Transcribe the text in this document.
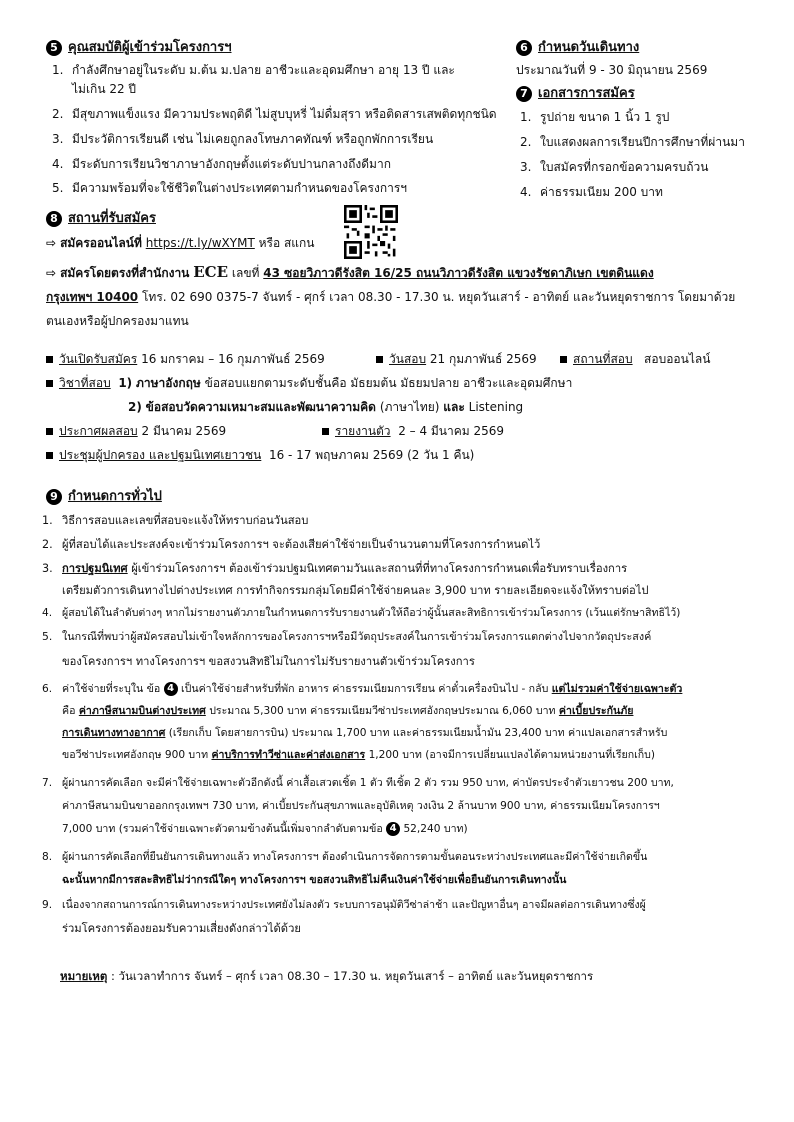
5 คุณสมบัติผู้เข้าร่วมโครงการฯ
1. กำลังศึกษาอยู่ในระดับ ม.ต้น ม.ปลาย อาชีวะและอุดมศึกษา อายุ 13 ปี และ
ไม่เกิน 22 ปี
2. มีสุขภาพแข็งแรง มีความประพฤติดี ไม่สูบบุหรี่ ไม่ดื่มสุรา หรือติดสารเสพติดทุกชนิด
3. มีประวัติการเรียนดี เช่น ไม่เคยถูกลงโทษภาคทัณฑ์ หรือถูกพักการเรียน
4. มีระดับการเรียนวิชาภาษาอังกฤษตั้งแต่ระดับปานกลางถึงดีมาก
5. มีความพร้อมที่จะใช้ชีวิตในต่างประเทศตามกำหนดของโครงการฯ
6 กำหนดวันเดินทาง
ประมาณวันที่ 9 - 30 มิถุนายน 2569
7 เอกสารการสมัคร
1. รูปถ่าย ขนาด 1 นิ้ว 1 รูป
2. ใบแสดงผลการเรียนปีการศึกษาที่ผ่านมา
3. ใบสมัครที่กรอกข้อความครบถ้วน
4. ค่าธรรมเนียม 200 บาท
8 สถานที่รับสมัคร
⇨ สมัครออนไลน์ที่ https://t.ly/wXYMT หรือ สแกน
⇨ สมัครโดยตรงที่สำนักงาน ECE เลขที่ 43 ซอยวิภาวดีรังสิต 16/25 ถนนวิภาวดีรังสิต แขวงรัชดาภิเษก เขตดินแดง
กรุงเทพฯ 10400 โทร. 02 690 0375-7 จันทร์ - ศุกร์ เวลา 08.30 - 17.30 น. หยุดวันเสาร์ - อาทิตย์ และวันหยุดราชการ โดยมาด้วย
ตนเองหรือผู้ปกครองมาแทน
วันเปิดรับสมัคร 16 มกราคม – 16 กุมภาพันธ์ 2569	วันสอบ 21 กุมภาพันธ์ 2569	สถานที่สอบ สอบออนไลน์
วิชาที่สอบ 1) ภาษาอังกฤษ ข้อสอบแยกตามระดับชั้นคือ มัธยมต้น มัธยมปลาย อาชีวะและอุดมศึกษา
2) ข้อสอบวัดความเหมาะสมและพัฒนาความคิด (ภาษาไทย) และ Listening
ประกาศผลสอบ 2 มีนาคม 2569	รายงานตัว 2 – 4 มีนาคม 2569
ประชุมผู้ปกครอง และปฐมนิเทศเยาวชน 16 - 17 พฤษภาคม 2569 (2 วัน 1 คืน)
9 กำหนดการทั่วไป
1. วิธีการสอบและเลขที่สอบจะแจ้งให้ทราบก่อนวันสอบ
2. ผู้ที่สอบได้และประสงค์จะเข้าร่วมโครงการฯ จะต้องเสียค่าใช้จ่ายเป็นจำนวนตามที่โครงการกำหนดไว้
3. การปฐมนิเทศ ผู้เข้าร่วมโครงการฯ ต้องเข้าร่วมปฐมนิเทศตามวันและสถานที่ที่ทางโครงการกำหนดเพื่อรับทราบเรื่องการ
เตรียมตัวการเดินทางไปต่างประเทศ การทำกิจกรรมกลุ่มโดยมีค่าใช้จ่ายคนละ 3,900 บาท รายละเอียดจะแจ้งให้ทราบต่อไป
4. ผู้สอบได้ในลำดับต่างๆ หากไม่รายงานตัวภายในกำหนดการรับรายงานตัวให้ถือว่าผู้นั้นสละสิทธิการเข้าร่วมโครงการ (เว้นแต่รักษาสิทธิไว้)
5. ในกรณีที่พบว่าผู้สมัครสอบไม่เข้าใจหลักการของโครงการฯหรือมีวัตถุประสงค์ในการเข้าร่วมโครงการแตกต่างไปจากวัตถุประสงค์
ของโครงการฯ ทางโครงการฯ ขอสงวนสิทธิไม่ในการไม่รับรายงานตัวเข้าร่วมโครงการ
6. ค่าใช้จ่ายที่ระบุใน ข้อ 4 เป็นค่าใช้จ่ายสำหรับที่พัก อาหาร ค่าธรรมเนียมการเรียน ค่าตั๋วเครื่องบินไป - กลับ แต่ไม่รวมค่าใช้จ่ายเฉพาะตัว
คือ ค่าภาษีสนามบินต่างประเทศ ประมาณ 5,300 บาท ค่าธรรมเนียมวีซ่าประเทศอังกฤษประมาณ 6,060 บาท ค่าเบี้ยประกันภัย
การเดินทางทางอากาศ (เรียกเก็บ โดยสายการบิน) ประมาณ 1,700 บาท และค่าธรรมเนียมน้ำมัน 23,400 บาท ค่าแปลเอกสารสำหรับ
ขอวีซ่าประเทศอังกฤษ 900 บาท ค่าบริการทำวีซ่าและค่าส่งเอกสาร 1,200 บาท (อาจมีการเปลี่ยนแปลงได้ตามหน่วยงานที่เรียกเก็บ)
7. ผู้ผ่านการคัดเลือก จะมีค่าใช้จ่ายเฉพาะตัวอีกดังนี้ ค่าเสื้อเสวตเชิ้ต 1 ตัว ทีเชิ้ต 2 ตัว รวม 950 บาท, ค่าบัตรประจำตัวเยาวชน 200 บาท,
ค่าภาษีสนามบินขาออกกรุงเทพฯ 730 บาท, ค่าเบี้ยประกันสุขภาพและอุบัติเหตุ วงเงิน 2 ล้านบาท 900 บาท, ค่าธรรมเนียมโครงการฯ
7,000 บาท (รวมค่าใช้จ่ายเฉพาะตัวตามข้างต้นนี้เพิ่มจากลำดับตามข้อ 4 52,240 บาท)
8. ผู้ผ่านการคัดเลือกที่ยืนยันการเดินทางแล้ว ทางโครงการฯ ต้องดำเนินการจัดการตามขั้นตอนระหว่างประเทศและมีค่าใช้จ่ายเกิดขึ้น
ฉะนั้นหากมีการสละสิทธิไม่ว่ากรณีใดๆ ทางโครงการฯ ขอสงวนสิทธิไม่คืนเงินค่าใช้จ่ายเพื่อยืนยันการเดินทางนั้น
9. เนื่องจากสถานการณ์การเดินทางระหว่างประเทศยังไม่ลงตัว ระบบการอนุมัติวีซ่าล่าช้า และปัญหาอื่นๆ อาจมีผลต่อการเดินทางซึ่งผู้
ร่วมโครงการต้องยอมรับความเสี่ยงดังกล่าวได้ด้วย
หมายเหตุ : วันเวลาทำการ จันทร์ – ศุกร์ เวลา 08.30 – 17.30 น. หยุดวันเสาร์ – อาทิตย์ และวันหยุดราชการ
